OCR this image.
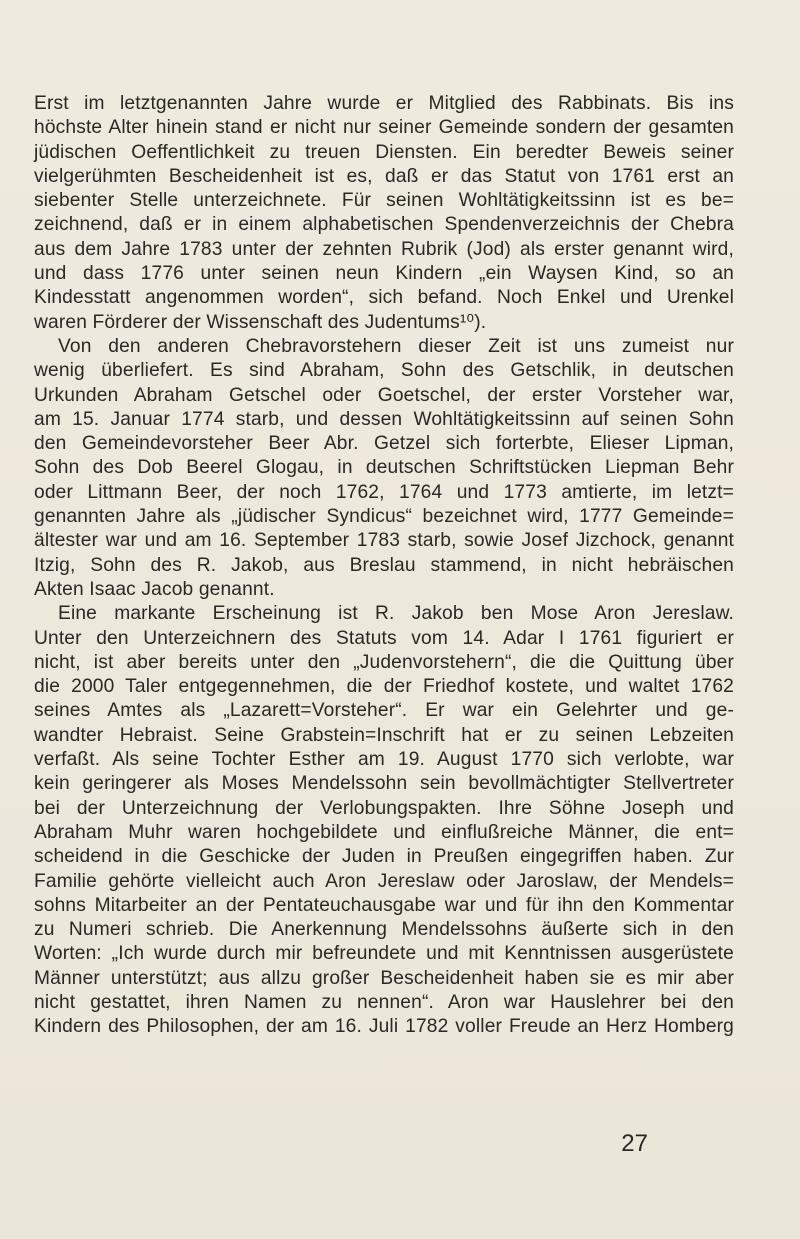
Erst im letztgenannten Jahre wurde er Mitglied des Rabbinats. Bis ins
höchste Alter hinein stand er nicht nur seiner Gemeinde sondern der gesamten
jüdischen Oeffentlichkeit zu treuen Diensten. Ein beredter Beweis seiner
vielgerühmten Bescheidenheit ist es, daß er das Statut von 1761 erst an
siebenter Stelle unterzeichnete. Für seinen Wohltätigkeitssinn ist es be=
zeichnend, daß er in einem alphabetischen Spendenverzeichnis der Chebra
aus dem Jahre 1783 unter der zehnten Rubrik (Jod) als erster genannt wird,
und dass 1776 unter seinen neun Kindern „ein Waysen Kind, so an
Kindesstatt angenommen worden“, sich befand. Noch Enkel und Urenkel
waren Förderer der Wissenschaft des Judentums¹⁰).
Von den anderen Chebravorstehern dieser Zeit ist uns zumeist nur
wenig überliefert. Es sind Abraham, Sohn des Getschlik, in deutschen
Urkunden Abraham Getschel oder Goetschel, der erster Vorsteher war,
am 15. Januar 1774 starb, und dessen Wohltätigkeitssinn auf seinen Sohn
den Gemeindevorsteher Beer Abr. Getzel sich forterbte, Elieser Lipman,
Sohn des Dob Beerel Glogau, in deutschen Schriftstücken Liepman Behr
oder Littmann Beer, der noch 1762, 1764 und 1773 amtierte, im letzt=
genannten Jahre als „jüdischer Syndicus“ bezeichnet wird, 1777 Gemeinde=
ältester war und am 16. September 1783 starb, sowie Josef Jizchock, genannt
Itzig, Sohn des R. Jakob, aus Breslau stammend, in nicht hebräischen
Akten Isaac Jacob genannt.
Eine markante Erscheinung ist R. Jakob ben Mose Aron Jereslaw.
Unter den Unterzeichnern des Statuts vom 14. Adar I 1761 figuriert er
nicht, ist aber bereits unter den „Judenvorstehern“, die die Quittung über
die 2000 Taler entgegennehmen, die der Friedhof kostete, und waltet 1762
seines Amtes als „Lazarett=Vorsteher“. Er war ein Gelehrter und ge-
wandter Hebraist. Seine Grabstein=Inschrift hat er zu seinen Lebzeiten
verfaßt. Als seine Tochter Esther am 19. August 1770 sich verlobte, war
kein geringerer als Moses Mendelssohn sein bevollmächtigter Stellvertreter
bei der Unterzeichnung der Verlobungspakten. Ihre Söhne Joseph und
Abraham Muhr waren hochgebildete und einflußreiche Männer, die ent=
scheidend in die Geschicke der Juden in Preußen eingegriffen haben. Zur
Familie gehörte vielleicht auch Aron Jereslaw oder Jaroslaw, der Mendels=
sohns Mitarbeiter an der Pentateuchausgabe war und für ihn den Kommentar
zu Numeri schrieb. Die Anerkennung Mendelssohns äußerte sich in den
Worten: „Ich wurde durch mir befreundete und mit Kenntnissen ausgerüstete
Männer unterstützt; aus allzu großer Bescheidenheit haben sie es mir aber
nicht gestattet, ihren Namen zu nennen“. Aron war Hauslehrer bei den
Kindern des Philosophen, der am 16. Juli 1782 voller Freude an Herz Homberg
27
